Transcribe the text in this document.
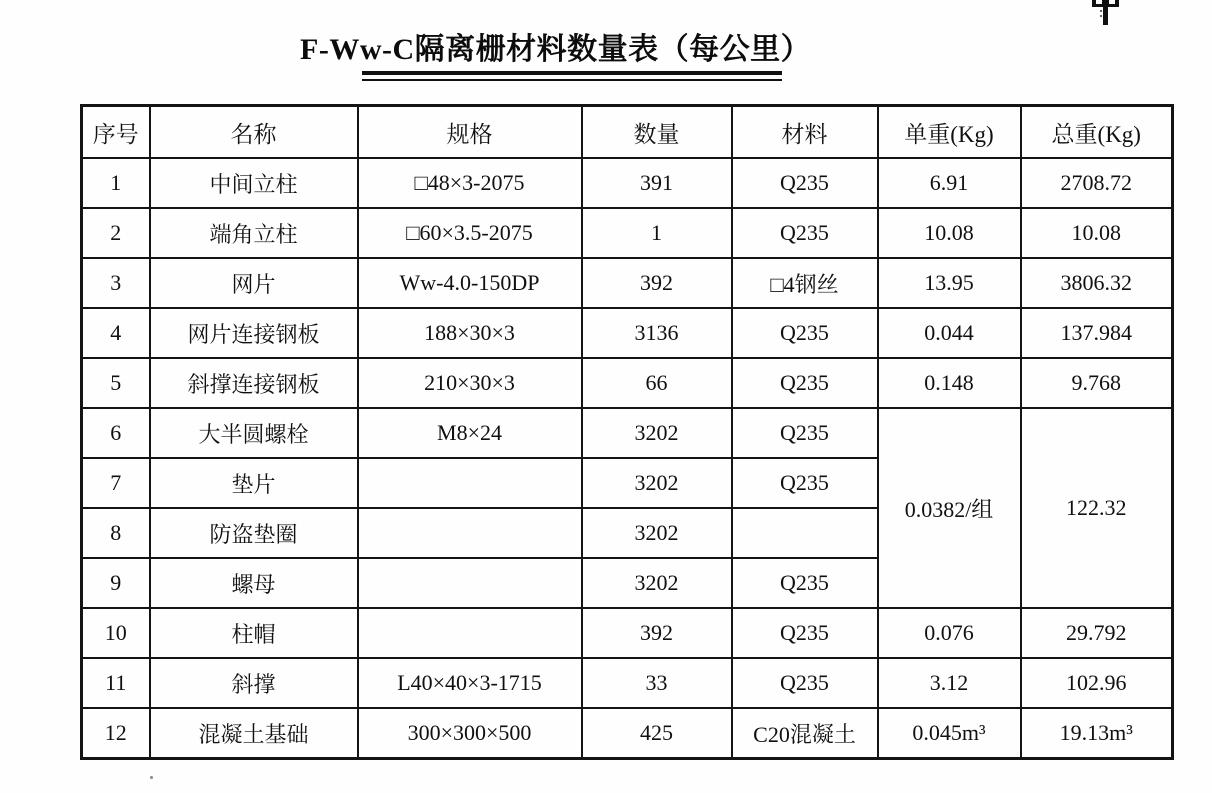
F-Ww-C隔离栅材料数量表（每公里）
序号	名称	规格	数量	材料	单重(Kg)	总重(Kg)
1	中间立柱	□48×3-2075	391	Q235	6.91	2708.72
2	端角立柱	□60×3.5-2075	1	Q235	10.08	10.08
3	网片	Ww-4.0-150DP	392	□4钢丝	13.95	3806.32
4	网片连接钢板	188×30×3	3136	Q235	0.044	137.984
5	斜撑连接钢板	210×30×3	66	Q235	0.148	9.768
6	大半圆螺栓	M8×24	3202	Q235	0.0382/组	122.32
7	垫片		3202	Q235		
8	防盗垫圈		3202			
9	螺母		3202	Q235		
10	柱帽		392	Q235	0.076	29.792
11	斜撑	L40×40×3-1715	33	Q235	3.12	102.96
12	混凝土基础	300×300×500	425	C20混凝土	0.045m³	19.13m³
